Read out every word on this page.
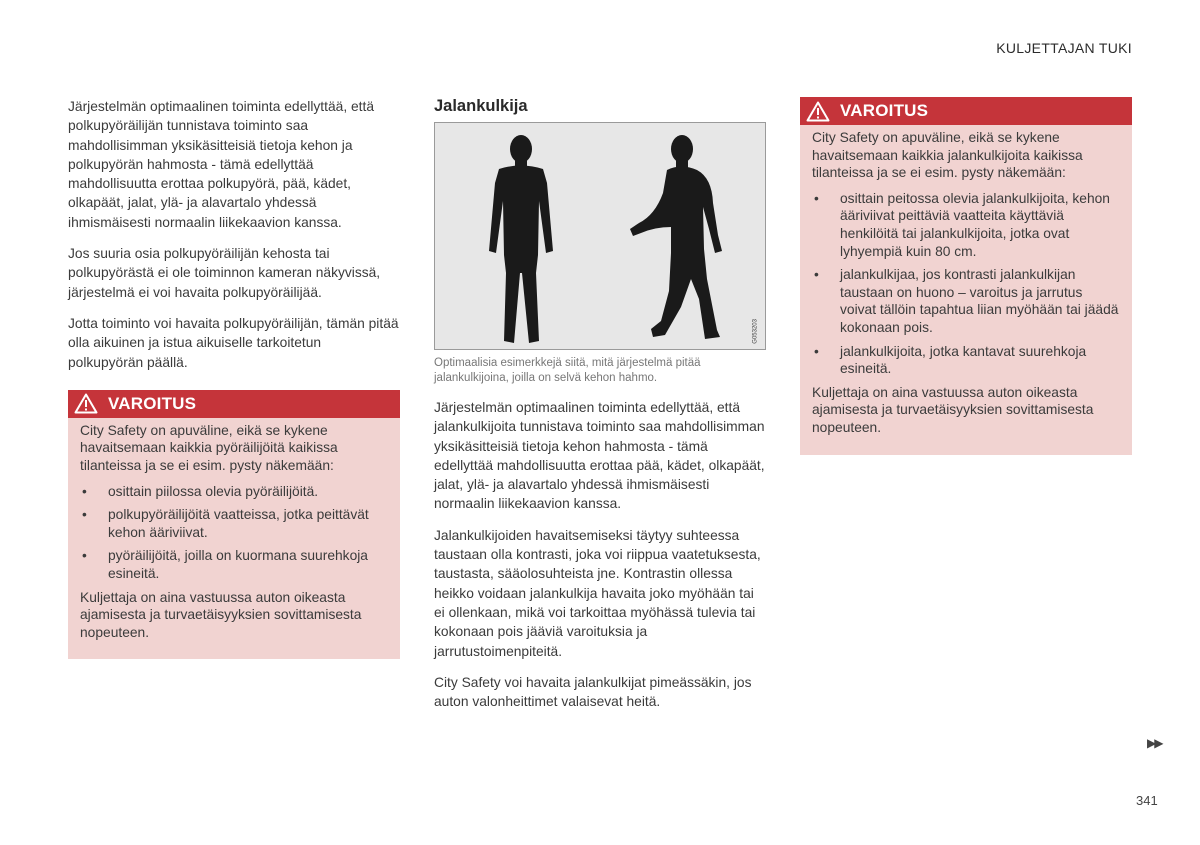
KULJETTAJAN TUKI

Järjestelmän optimaalinen toiminta edellyttää, että polkupyöräilijän tunnistava toiminto saa mahdollisimman yksikäsitteisiä tietoja kehon ja polkupyörän hahmosta - tämä edellyttää mahdollisuutta erottaa polkupyörä, pää, kädet, olkapäät, jalat, ylä- ja alavartalo yhdessä ihmismäisesti normaalin liikekaavion kanssa.

Jos suuria osia polkupyöräilijän kehosta tai polkupyörästä ei ole toiminnon kameran näkyvissä, järjestelmä ei voi havaita polkupyöräilijää.

Jotta toiminto voi havaita polkupyöräilijän, tämän pitää olla aikuinen ja istua aikuiselle tarkoitetun polkupyörän päällä.

VAROITUS

City Safety on apuväline, eikä se kykene havaitsemaan kaikkia pyöräilijöitä kaikissa tilanteissa ja se ei esim. pysty näkemään:

• osittain piilossa olevia pyöräilijöitä.
• polkupyöräilijöitä vaatteissa, jotka peittävät kehon ääriviivat.
• pyöräilijöitä, joilla on kuormana suurehkoja esineitä.

Kuljettaja on aina vastuussa auton oikeasta ajamisesta ja turvaetäisyyksien sovittamisesta nopeuteen.

Jalankulkija
G053203
Optimaalisia esimerkkejä siitä, mitä järjestelmä pitää jalankulkijoina, joilla on selvä kehon hahmo.

Järjestelmän optimaalinen toiminta edellyttää, että jalankulkijoita tunnistava toiminto saa mahdollisimman yksikäsitteisiä tietoja kehon hahmosta - tämä edellyttää mahdollisuutta erottaa pää, kädet, olkapäät, jalat, ylä- ja alavartalo yhdessä ihmismäisesti normaalin liikekaavion kanssa.

Jalankulkijoiden havaitsemiseksi täytyy suhteessa taustaan olla kontrasti, joka voi riippua vaatetuksesta, taustasta, sääolosuhteista jne. Kontrastin ollessa heikko voidaan jalankulkija havaita joko myöhään tai ei ollenkaan, mikä voi tarkoittaa myöhässä tulevia tai kokonaan pois jääviä varoituksia ja jarrutustoimenpiteitä.

City Safety voi havaita jalankulkijat pimeässäkin, jos auton valonheittimet valaisevat heitä.

VAROITUS

City Safety on apuväline, eikä se kykene havaitsemaan kaikkia jalankulkijoita kaikissa tilanteissa ja se ei esim. pysty näkemään:

• osittain peitossa olevia jalankulkijoita, kehon ääriviivat peittäviä vaatteita käyttäviä henkilöitä tai jalankulkijoita, jotka ovat lyhyempiä kuin 80 cm.
• jalankulkijaa, jos kontrasti jalankulkijan taustaan on huono – varoitus ja jarrutus voivat tällöin tapahtua liian myöhään tai jäädä kokonaan pois.
• jalankulkijoita, jotka kantavat suurehkoja esineitä.

Kuljettaja on aina vastuussa auton oikeasta ajamisesta ja turvaetäisyyksien sovittamisesta nopeuteen.

▶▶
341
